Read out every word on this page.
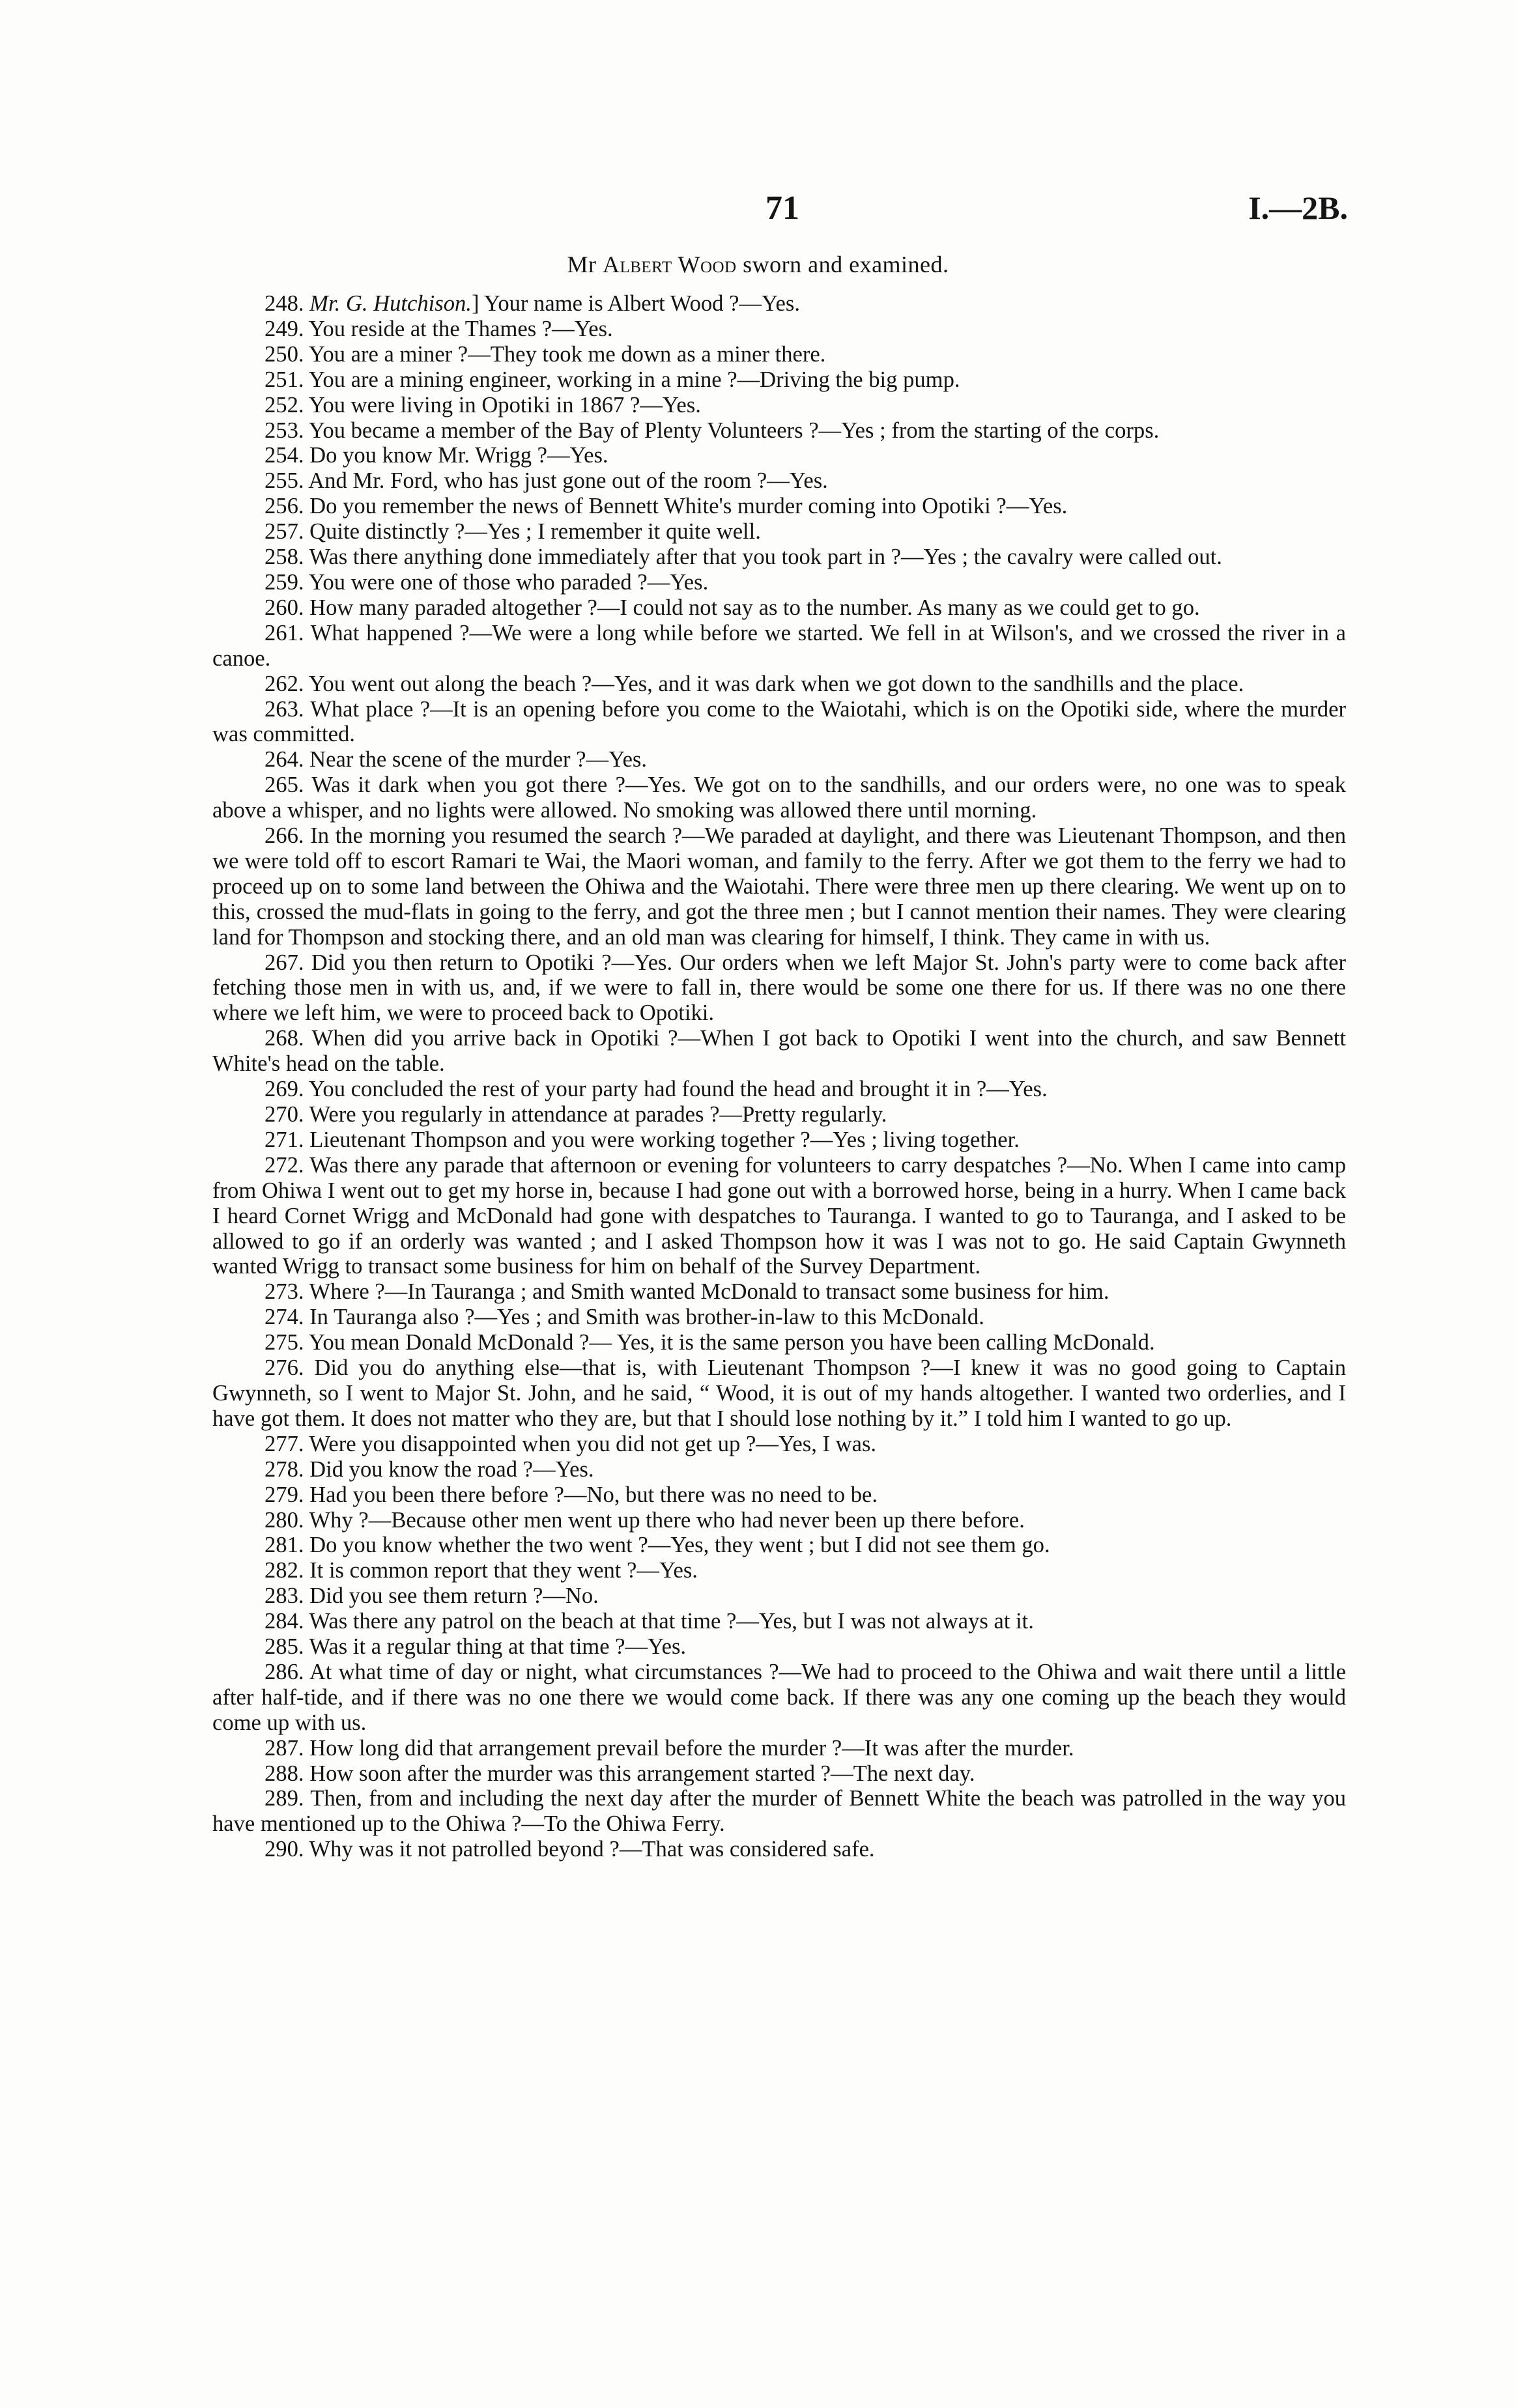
71	I.—2B.
Mr Albert Wood sworn and examined.

248. Mr. G. Hutchison.] Your name is Albert Wood ?—Yes.

249. You reside at the Thames ?—Yes.

250. You are a miner ?—They took me down as a miner there.

251. You are a mining engineer, working in a mine ?—Driving the big pump.

252. You were living in Opotiki in 1867 ?—Yes.

253. You became a member of the Bay of Plenty Volunteers ?—Yes ; from the starting of the corps.

254. Do you know Mr. Wrigg ?—Yes.

255. And Mr. Ford, who has just gone out of the room ?—Yes.

256. Do you remember the news of Bennett White's murder coming into Opotiki ?—Yes.

257. Quite distinctly ?—Yes ; I remember it quite well.

258. Was there anything done immediately after that you took part in ?—Yes ; the cavalry were called out.

259. You were one of those who paraded ?—Yes.

260. How many paraded altogether ?—I could not say as to the number. As many as we could get to go.

261. What happened ?—We were a long while before we started. We fell in at Wilson's, and we crossed the river in a canoe.

262. You went out along the beach ?—Yes, and it was dark when we got down to the sandhills and the place.

263. What place ?—It is an opening before you come to the Waiotahi, which is on the Opotiki side, where the murder was committed.

264. Near the scene of the murder ?—Yes.

265. Was it dark when you got there ?—Yes. We got on to the sandhills, and our orders were, no one was to speak above a whisper, and no lights were allowed. No smoking was allowed there until morning.

266. In the morning you resumed the search ?—We paraded at daylight, and there was Lieutenant Thompson, and then we were told off to escort Ramari te Wai, the Maori woman, and family to the ferry. After we got them to the ferry we had to proceed up on to some land between the Ohiwa and the Waiotahi. There were three men up there clearing. We went up on to this, crossed the mud-flats in going to the ferry, and got the three men ; but I cannot mention their names. They were clearing land for Thompson and stocking there, and an old man was clearing for himself, I think. They came in with us.

267. Did you then return to Opotiki ?—Yes. Our orders when we left Major St. John's party were to come back after fetching those men in with us, and, if we were to fall in, there would be some one there for us. If there was no one there where we left him, we were to proceed back to Opotiki.

268. When did you arrive back in Opotiki ?—When I got back to Opotiki I went into the church, and saw Bennett White's head on the table.

269. You concluded the rest of your party had found the head and brought it in ?—Yes.

270. Were you regularly in attendance at parades ?—Pretty regularly.

271. Lieutenant Thompson and you were working together ?—Yes ; living together.

272. Was there any parade that afternoon or evening for volunteers to carry despatches ?—No. When I came into camp from Ohiwa I went out to get my horse in, because I had gone out with a borrowed horse, being in a hurry. When I came back I heard Cornet Wrigg and McDonald had gone with despatches to Tauranga. I wanted to go to Tauranga, and I asked to be allowed to go if an orderly was wanted ; and I asked Thompson how it was I was not to go. He said Captain Gwynneth wanted Wrigg to transact some business for him on behalf of the Survey Department.

273. Where ?—In Tauranga ; and Smith wanted McDonald to transact some business for him.

274. In Tauranga also ?—Yes ; and Smith was brother-in-law to this McDonald.

275. You mean Donald McDonald ?— Yes, it is the same person you have been calling McDonald.

276. Did you do anything else—that is, with Lieutenant Thompson ?—I knew it was no good going to Captain Gwynneth, so I went to Major St. John, and he said, “ Wood, it is out of my hands altogether. I wanted two orderlies, and I have got them. It does not matter who they are, but that I should lose nothing by it.” I told him I wanted to go up.

277. Were you disappointed when you did not get up ?—Yes, I was.

278. Did you know the road ?—Yes.

279. Had you been there before ?—No, but there was no need to be.

280. Why ?—Because other men went up there who had never been up there before.

281. Do you know whether the two went ?—Yes, they went ; but I did not see them go.

282. It is common report that they went ?—Yes.

283. Did you see them return ?—No.

284. Was there any patrol on the beach at that time ?—Yes, but I was not always at it.

285. Was it a regular thing at that time ?—Yes.

286. At what time of day or night, what circumstances ?—We had to proceed to the Ohiwa and wait there until a little after half-tide, and if there was no one there we would come back. If there was any one coming up the beach they would come up with us.

287. How long did that arrangement prevail before the murder ?—It was after the murder.

288. How soon after the murder was this arrangement started ?—The next day.

289. Then, from and including the next day after the murder of Bennett White the beach was patrolled in the way you have mentioned up to the Ohiwa ?—To the Ohiwa Ferry.

290. Why was it not patrolled beyond ?—That was considered safe.
